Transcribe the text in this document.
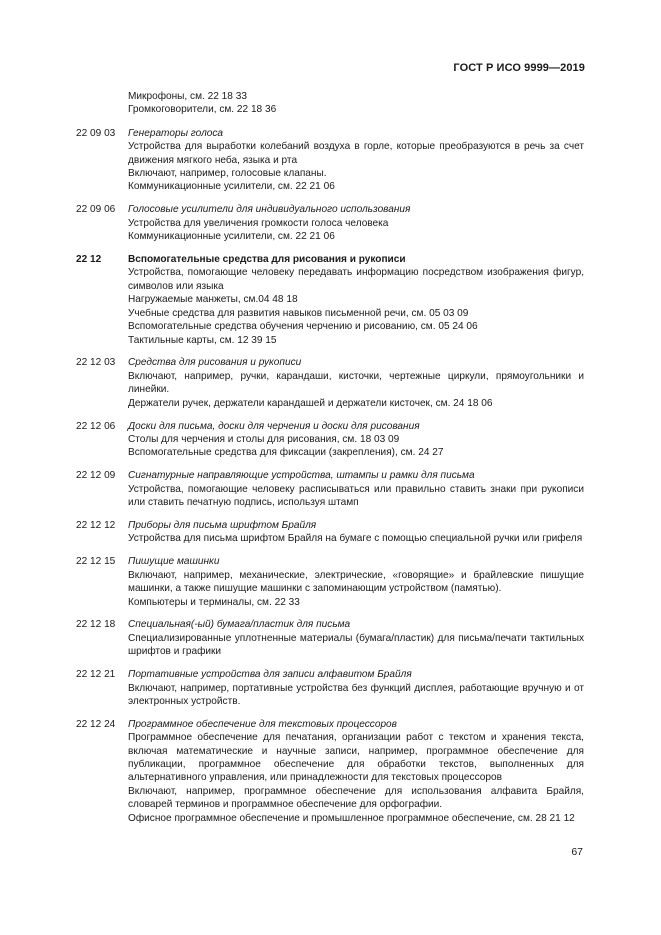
ГОСТ Р ИСО 9999—2019
Микрофоны, см. 22 18 33
Громкоговорители, см. 22 18 36
22 09 03	Генераторы голоса
Устройства для выработки колебаний воздуха в горле, которые преобразуются в речь за счет движения мягкого неба, языка и рта
Включают, например, голосовые клапаны.
Коммуникационные усилители, см. 22 21 06
22 09 06	Голосовые усилители для индивидуального использования
Устройства для увеличения громкости голоса человека
Коммуникационные усилители, см. 22 21 06
22 12	Вспомогательные средства для рисования и рукописи
Устройства, помогающие человеку передавать информацию посредством изображения фигур, символов или языка
Нагружаемые манжеты, см.04 48 18
Учебные средства для развития навыков письменной речи, см. 05 03 09
Вспомогательные средства обучения черчению и рисованию, см. 05 24 06
Тактильные карты, см. 12 39 15
22 12 03	Средства для рисования и рукописи
Включают, например, ручки, карандаши, кисточки, чертежные циркули, прямоугольники и линейки.
Держатели ручек, держатели карандашей и держатели кисточек, см. 24 18 06
22 12 06	Доски для письма, доски для черчения и доски для рисования
Столы для черчения и столы для рисования, см. 18 03 09
Вспомогательные средства для фиксации (закрепления), см. 24 27
22 12 09	Сигнатурные направляющие устройства, штампы и рамки для письма
Устройства, помогающие человеку расписываться или правильно ставить знаки при рукописи или ставить печатную подпись, используя штамп
22 12 12	Приборы для письма шрифтом Брайля
Устройства для письма шрифтом Брайля на бумаге с помощью специальной ручки или грифеля
22 12 15	Пишущие машинки
Включают, например, механические, электрические, «говорящие» и брайлевские пишущие машинки, а также пишущие машинки с запоминающим устройством (памятью).
Компьютеры и терминалы, см. 22 33
22 12 18	Специальная(-ый) бумага/пластик для письма
Специализированные уплотненные материалы (бумага/пластик) для письма/печати тактильных шрифтов и графики
22 12 21	Портативные устройства для записи алфавитом Брайля
Включают, например, портативные устройства без функций дисплея, работающие вручную и от электронных устройств.
22 12 24	Программное обеспечение для текстовых процессоров
Программное обеспечение для печатания, организации работ с текстом и хранения текста, включая математические и научные записи, например, программное обеспечение для публикации, программное обеспечение для обработки текстов, выполненных для альтернативного управления, или принадлежности для текстовых процессоров
Включают, например, программное обеспечение для использования алфавита Брайля, словарей терминов и программное обеспечение для орфографии.
Офисное программное обеспечение и промышленное программное обеспечение, см. 28 21 12
67
